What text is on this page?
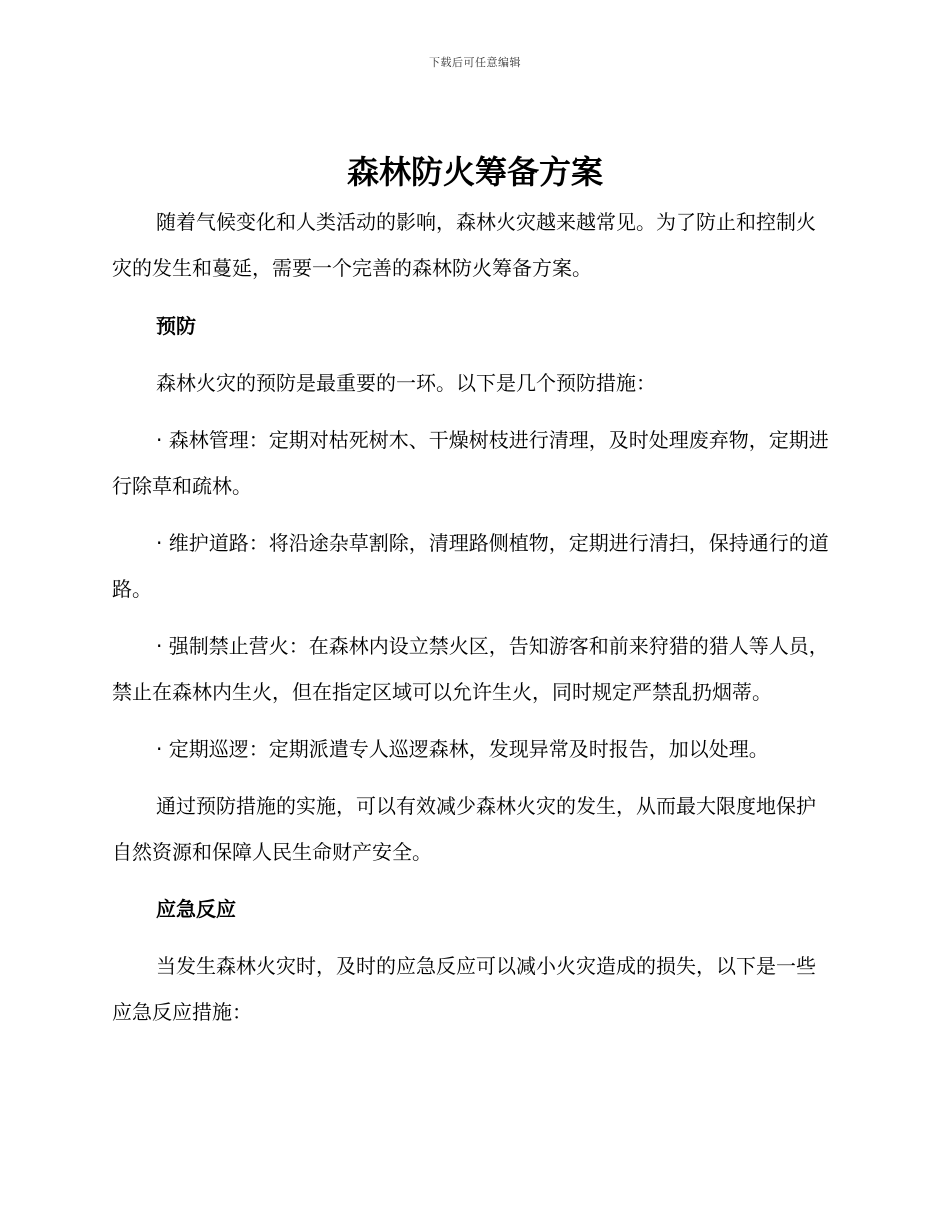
下载后可任意编辑
森林防火筹备方案

随着气候变化和人类活动的影响，森林火灾越来越常见。为了防止和控制火灾的发生和蔓延，需要一个完善的森林防火筹备方案。

预防

森林火灾的预防是最重要的一环。以下是几个预防措施：

· 森林管理：定期对枯死树木、干燥树枝进行清理，及时处理废弃物，定期进行除草和疏林。

· 维护道路：将沿途杂草割除，清理路侧植物，定期进行清扫，保持通行的道路。

· 强制禁止营火：在森林内设立禁火区，告知游客和前来狩猎的猎人等人员，禁止在森林内生火，但在指定区域可以允许生火，同时规定严禁乱扔烟蒂。

· 定期巡逻：定期派遣专人巡逻森林，发现异常及时报告，加以处理。

通过预防措施的实施，可以有效减少森林火灾的发生，从而最大限度地保护自然资源和保障人民生命财产安全。

应急反应

当发生森林火灾时，及时的应急反应可以减小火灾造成的损失，以下是一些应急反应措施：
